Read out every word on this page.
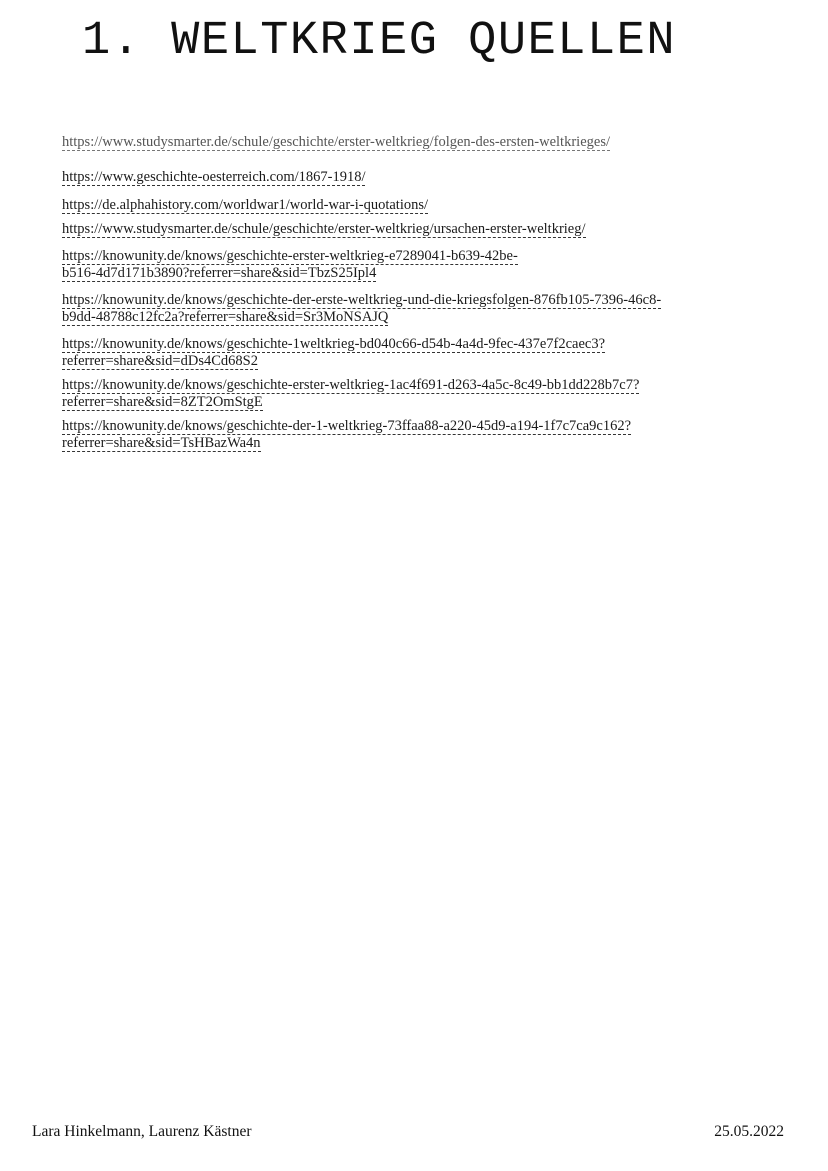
1. WELTKRIEG QUELLEN
https://www.studysmarter.de/schule/geschichte/erster-weltkrieg/folgen-des-ersten-weltkrieges/
https://www.geschichte-oesterreich.com/1867-1918/
https://de.alphahistory.com/worldwar1/world-war-i-quotations/
https://www.studysmarter.de/schule/geschichte/erster-weltkrieg/ursachen-erster-weltkrieg/
https://knowunity.de/knows/geschichte-erster-weltkrieg-e7289041-b639-42be-
b516-4d7d171b3890?referrer=share&sid=TbzS25Ipl4
https://knowunity.de/knows/geschichte-der-erste-weltkrieg-und-die-kriegsfolgen-876fb105-7396-46c8-
b9dd-48788c12fc2a?referrer=share&sid=Sr3MoNSAJQ
https://knowunity.de/knows/geschichte-1weltkrieg-bd040c66-d54b-4a4d-9fec-437e7f2caec3?
referrer=share&sid=dDs4Cd68S2
https://knowunity.de/knows/geschichte-erster-weltkrieg-1ac4f691-d263-4a5c-8c49-bb1dd228b7c7?
referrer=share&sid=8ZT2OmStgE
https://knowunity.de/knows/geschichte-der-1-weltkrieg-73ffaa88-a220-45d9-a194-1f7c7ca9c162?
referrer=share&sid=TsHBazWa4n
Lara Hinkelmann, Laurenz Kästner	25.05.2022
